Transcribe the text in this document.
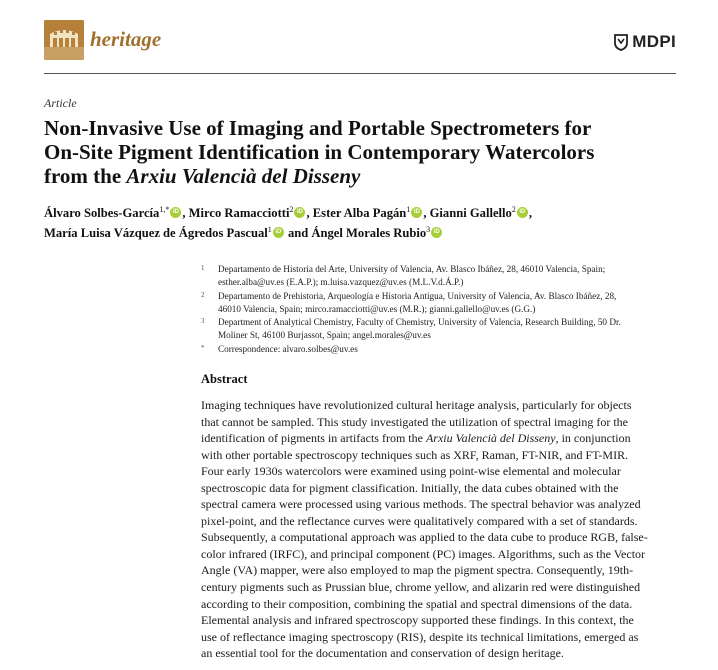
heritage	MDPI
Article
Non-Invasive Use of Imaging and Portable Spectrometers for
On-Site Pigment Identification in Contemporary Watercolors
from the Arxiu Valencià del Disseny
Álvaro Solbes-García$^{1,*}$ iD , Mirco Ramacciotti$^2$ iD , Ester Alba Pagán$^1$ iD , Gianni Gallello$^2$ iD ,
María Luisa Vázquez de Ágredos Pascual$^1$ iD and Ángel Morales Rubio$^3$iD
1 Departamento de Historia del Arte, University of Valencia, Av. Blasco Ibáñez, 28, 46010 Valencia, Spain;
esther.alba@uv.es (E.A.P.); m.luisa.vazquez@uv.es (M.L.V.d.Á.P.)
2 Departamento de Prehistoria, Arqueología e Historia Antigua, University of Valencia, Av. Blasco Ibáñez, 28,
46010 Valencia, Spain; mirco.ramacciotti@uv.es (M.R.); gianni.gallello@uv.es (G.G.)
3 Department of Analytical Chemistry, Faculty of Chemistry, University of Valencia, Research Building, 50 Dr.
Moliner St, 46100 Burjassot, Spain; angel.morales@uv.es
* Correspondence: alvaro.solbes@uv.es
Abstract
Imaging techniques have revolutionized cultural heritage analysis, particularly for objects
that cannot be sampled. This study investigated the utilization of spectral imaging for the
identification of pigments in artifacts from the Arxiu Valencià del Disseny, in conjunction
with other portable spectroscopy techniques such as XRF, Raman, FT-NIR, and FT-MIR.
Four early 1930s watercolors were examined using point-wise elemental and molecular
spectroscopic data for pigment classification. Initially, the data cubes obtained with the
spectral camera were processed using various methods. The spectral behavior was analyzed
pixel-point, and the reflectance curves were qualitatively compared with a set of standards.
Subsequently, a computational approach was applied to the data cube to produce RGB, false-
color infrared (IRFC), and principal component (PC) images. Algorithms, such as the Vector
Angle (VA) mapper, were also employed to map the pigment spectra. Consequently, 19th-
century pigments such as Prussian blue, chrome yellow, and alizarin red were distinguished
according to their composition, combining the spatial and spectral dimensions of the data.
Elemental analysis and infrared spectroscopy supported these findings. In this context, the
use of reflectance imaging spectroscopy (RIS), despite its technical limitations, emerged as
an essential tool for the documentation and conservation of design heritage.
